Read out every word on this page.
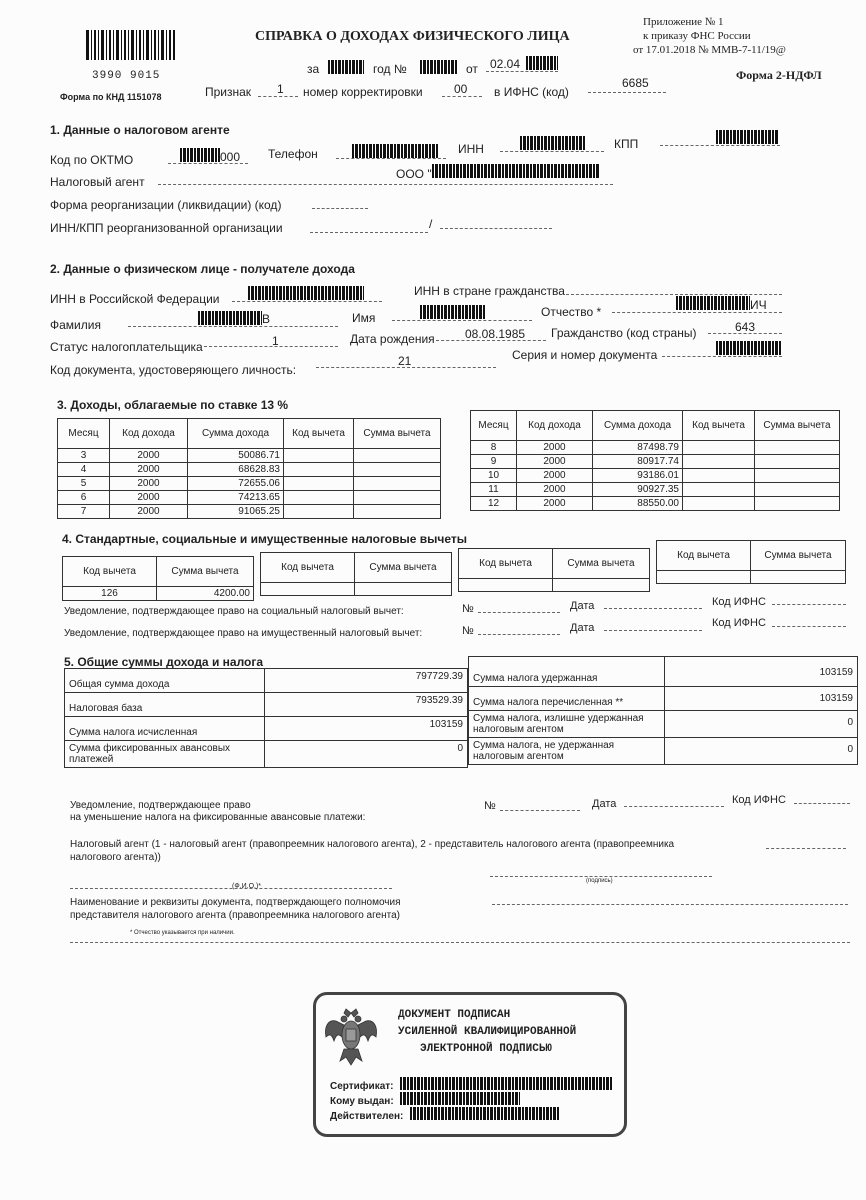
3990 9015
Форма по КНД 1151078
СПРАВКА О ДОХОДАХ ФИЗИЧЕСКОГО ЛИЦА
за	год №	от 02.04
Признак 1 номер корректировки	00 в ИФНС (код)
6685
Приложение № 1
к приказу ФНС России
от 17.01.2018 № ММВ-7-11/19@
Форма 2-НДФЛ
1. Данные о налоговом агенте
Код по ОКТМО	000 Телефон	ИНН	КПП
Налоговый агент
ООО "
Форма реорганизации (ликвидации) (код)
ИНН/КПП реорганизованной организации	/
2. Данные о физическом лице - получателе дохода
ИНН в Российской Федерации
ИНН в стране гражданства
Фамилия	В	Имя	Отчество *	ИЧ
Статус налогоплательщика	1	Дата рождения	08.08.1985 Гражданство (код страны)	643
Код документа, удостоверяющего личность:
21	Серия и номер документа
3. Доходы, облагаемые по ставке 13 %
Месяц	Код дохода	Сумма дохода	Код вычета	Сумма вычета
3	2000	50086.71		
4	2000	68628.83		
5	2000	72655.06		
6	2000	74213.65		
7	2000	91065.25		
Месяц	Код дохода	Сумма дохода	Код вычета	Сумма вычета
8	2000	87498.79		
9	2000	80917.74		
10	2000	93186.01		
11	2000	90927.35		
12	2000	88550.00		
4. Стандартные, социальные и имущественные налоговые вычеты
Код вычета	Сумма вычета
126	4200.00
Код вычета	Сумма вычета
		Код вычета	Сумма вычета

Код вычета	Сумма вычета

Уведомление, подтверждающее право на социальный налоговый вычет:	№	Дата	Код ИФНС
Уведомление, подтверждающее право на имущественный налоговый вычет:	№	Дата	Код ИФНС
5. Общие суммы дохода и налога
Общая сумма дохода	797729.39
Налоговая база	793529.39
Сумма налога исчисленная	103159
Сумма фиксированных авансовых платежей	0
Сумма налога удержанная	103159
Сумма налога перечисленная **	103159
Сумма налога, излишне удержанная налоговым агентом	0
Сумма налога, не удержанная налоговым агентом	0
Уведомление, подтверждающее право
на уменьшение налога на фиксированные авансовые платежи:
№	Дата	Код ИФНС
Налоговый агент (1 - налоговый агент (правопреемник налогового агента), 2 - представитель налогового агента (правопреемника налогового агента))
(Ф.И.О.)*
(подпись)
Наименование и реквизиты документа, подтверждающего полномочия представителя налогового агента (правопреемника налогового агента)
* Отчество указывается при наличии.
ДОКУМЕНТ ПОДПИСАН
УСИЛЕННОЙ КВАЛИФИЦИРОВАННОЙ
ЭЛЕКТРОННОЙ ПОДПИСЬЮ
Сертификат:
Кому выдан:
Действителен:
